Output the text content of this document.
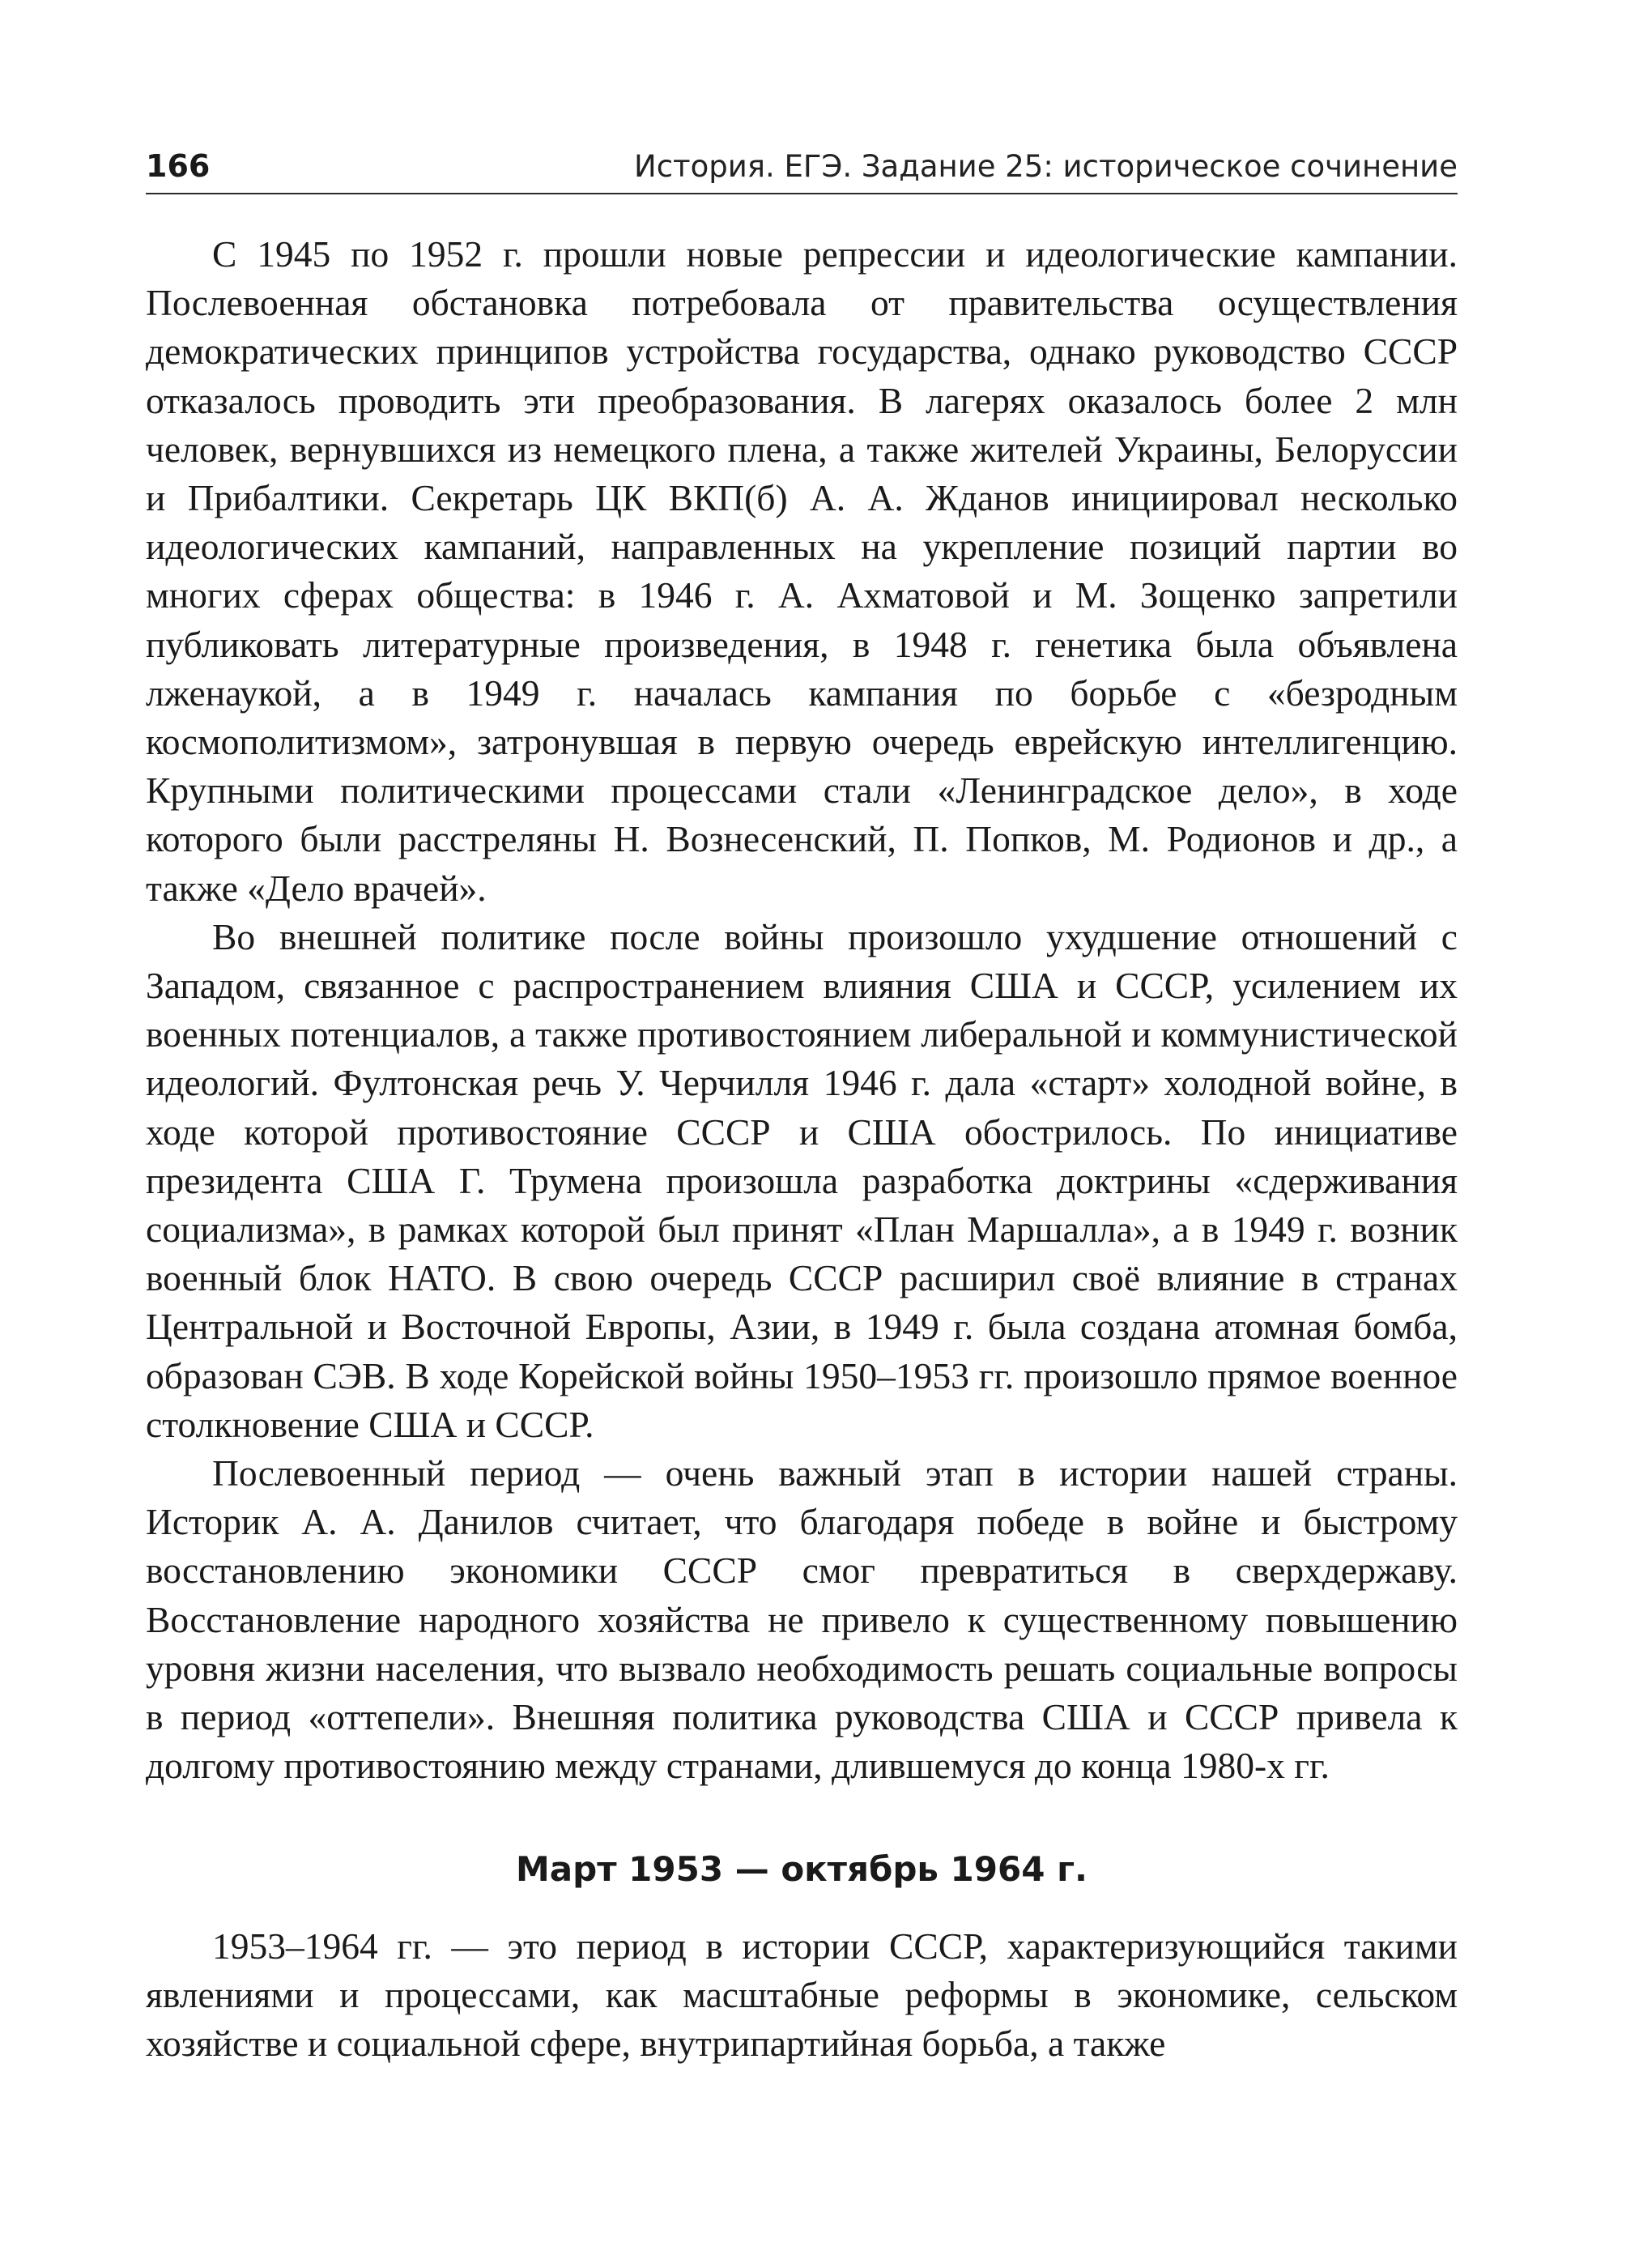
166	История. ЕГЭ. Задание 25: историческое сочинение

С 1945 по 1952 г. прошли новые репрессии и идеологические кампании. Послевоенная обстановка потребовала от правительства осуществления демократических принципов устройства государства, однако руководство СССР отказалось проводить эти преобразования. В лагерях оказалось более 2 млн человек, вернувшихся из немецкого плена, а также жителей Украины, Белоруссии и Прибалтики. Секретарь ЦК ВКП(б) А. А. Жданов инициировал несколько идеологических кампаний, направленных на укрепление позиций партии во многих сферах общества: в 1946 г. А. Ахматовой и М. Зощенко запретили публиковать литературные произведения, в 1948 г. генетика была объявлена лженаукой, а в 1949 г. началась кампания по борьбе с «безродным космополитизмом», затронувшая в первую очередь еврейскую интеллигенцию. Крупными политическими процессами стали «Ленинградское дело», в ходе которого были расстреляны Н. Вознесенский, П. Попков, М. Родионов и др., а также «Дело врачей».

Во внешней политике после войны произошло ухудшение отношений с Западом, связанное с распространением влияния США и СССР, усилением их военных потенциалов, а также противостоянием либеральной и коммунистической идеологий. Фултонская речь У. Черчилля 1946 г. дала «старт» холодной войне, в ходе которой противостояние СССР и США обострилось. По инициативе президента США Г. Трумена произошла разработка доктрины «сдерживания социализма», в рамках которой был принят «План Маршалла», а в 1949 г. возник военный блок НАТО. В свою очередь СССР расширил своё влияние в странах Центральной и Восточной Европы, Азии, в 1949 г. была создана атомная бомба, образован СЭВ. В ходе Корейской войны 1950–1953 гг. произошло прямое военное столкновение США и СССР.

Послевоенный период — очень важный этап в истории нашей страны. Историк А. А. Данилов считает, что благодаря победе в войне и быстрому восстановлению экономики СССР смог превратиться в сверхдержаву. Восстановление народного хозяйства не привело к существенному повышению уровня жизни населения, что вызвало необходимость решать социальные вопросы в период «оттепели». Внешняя политика руководства США и СССР привела к долгому противостоянию между странами, длившемуся до конца 1980-х гг.

Март 1953 — октябрь 1964 г.

1953–1964 гг. — это период в истории СССР, характеризующийся такими явлениями и процессами, как масштабные реформы в экономике, сельском хозяйстве и социальной сфере, внутрипартийная борьба, а также
